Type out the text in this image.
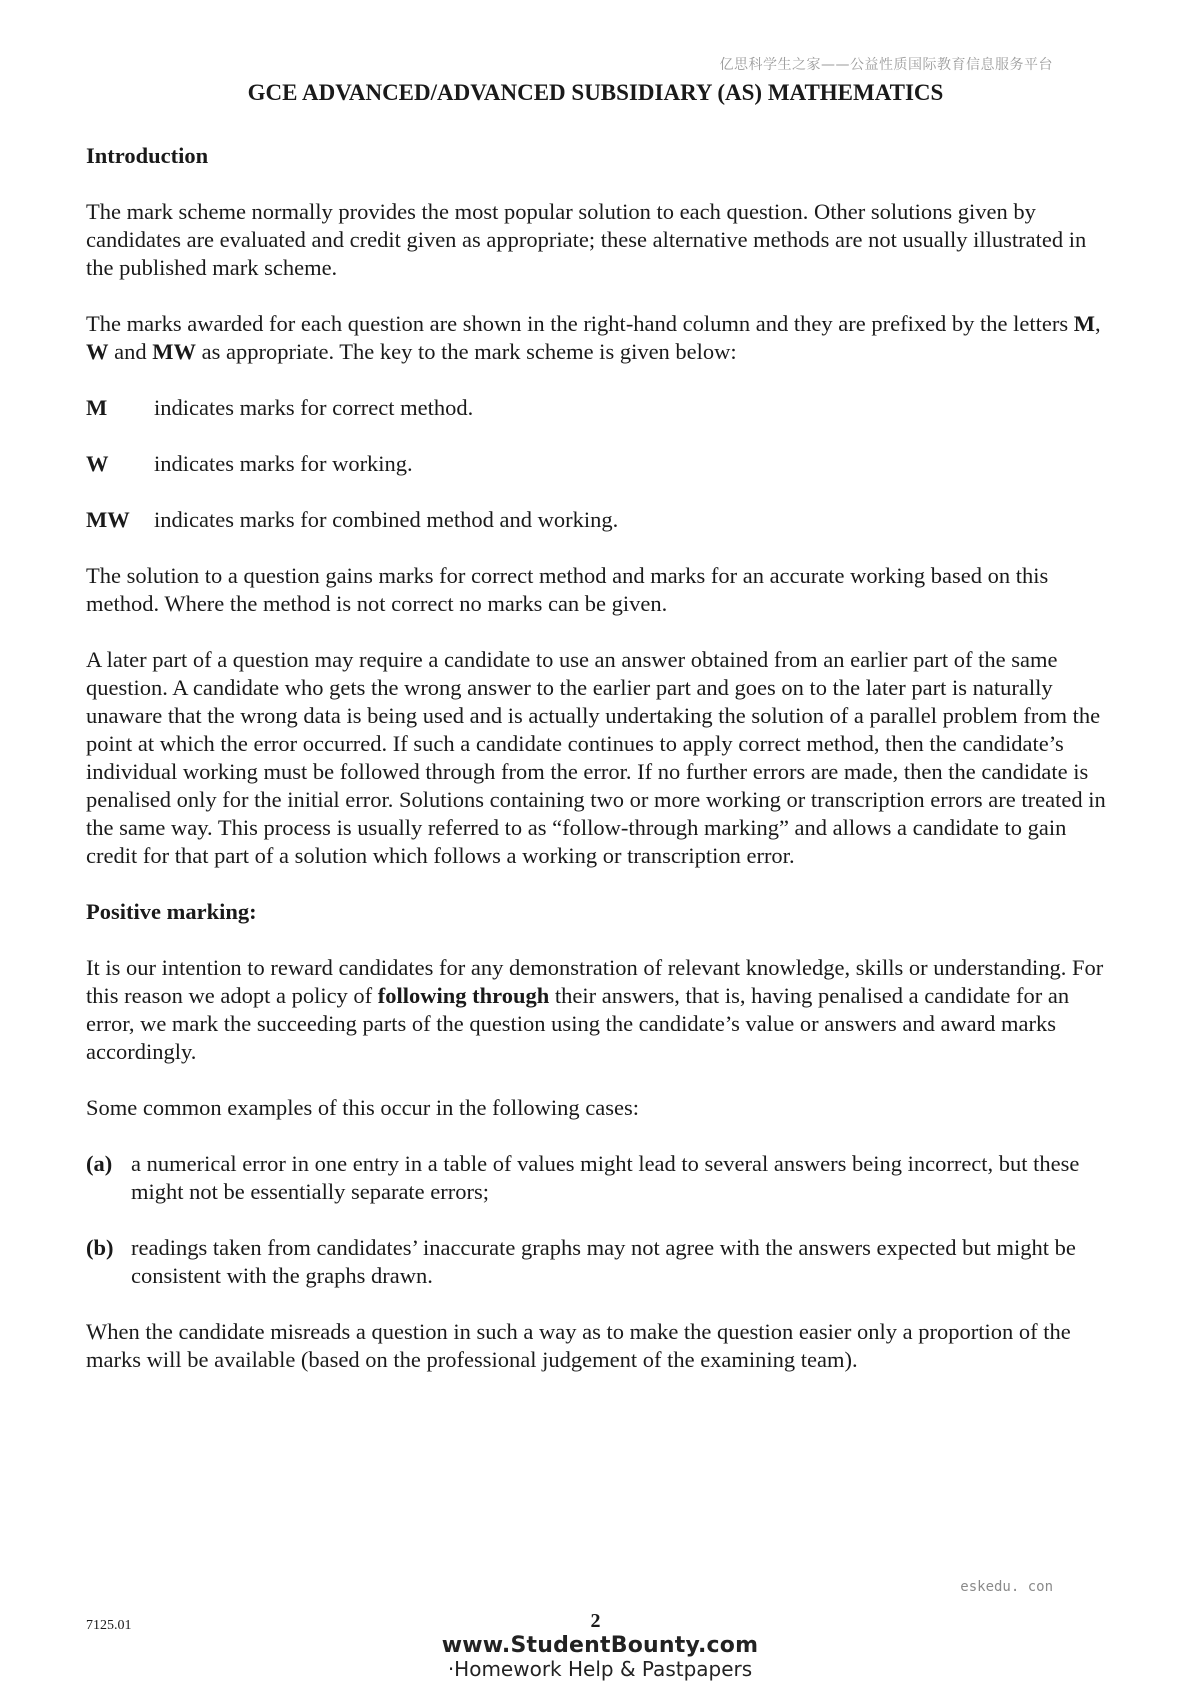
亿思科学生之家——公益性质国际教育信息服务平台
GCE ADVANCED/ADVANCED SUBSIDIARY (AS) MATHEMATICS

Introduction

The mark scheme normally provides the most popular solution to each question. Other solutions given by candidates are evaluated and credit given as appropriate; these alternative methods are not usually illustrated in the published mark scheme.

The marks awarded for each question are shown in the right-hand column and they are prefixed by the letters M, W and MW as appropriate. The key to the mark scheme is given below:

M	indicates marks for correct method.
W	indicates marks for working.
MW	indicates marks for combined method and working.

The solution to a question gains marks for correct method and marks for an accurate working based on this method. Where the method is not correct no marks can be given.

A later part of a question may require a candidate to use an answer obtained from an earlier part of the same question. A candidate who gets the wrong answer to the earlier part and goes on to the later part is naturally unaware that the wrong data is being used and is actually undertaking the solution of a parallel problem from the point at which the error occurred. If such a candidate continues to apply correct method, then the candidate’s individual working must be followed through from the error. If no further errors are made, then the candidate is penalised only for the initial error. Solutions containing two or more working or transcription errors are treated in the same way. This process is usually referred to as “follow-through marking” and allows a candidate to gain credit for that part of a solution which follows a working or transcription error.

Positive marking:

It is our intention to reward candidates for any demonstration of relevant knowledge, skills or understanding. For this reason we adopt a policy of following through their answers, that is, having penalised a candidate for an error, we mark the succeeding parts of the question using the candidate’s value or answers and award marks accordingly.

Some common examples of this occur in the following cases:

(a) a numerical error in one entry in a table of values might lead to several answers being incorrect, but these might not be essentially separate errors;
(b) readings taken from candidates’ inaccurate graphs may not agree with the answers expected but might be consistent with the graphs drawn.

When the candidate misreads a question in such a way as to make the question easier only a proportion of the marks will be available (based on the professional judgement of the examining team).

eskedu. con
7125.01	2
www.StudentBounty.com
·Homework Help & Pastpapers
